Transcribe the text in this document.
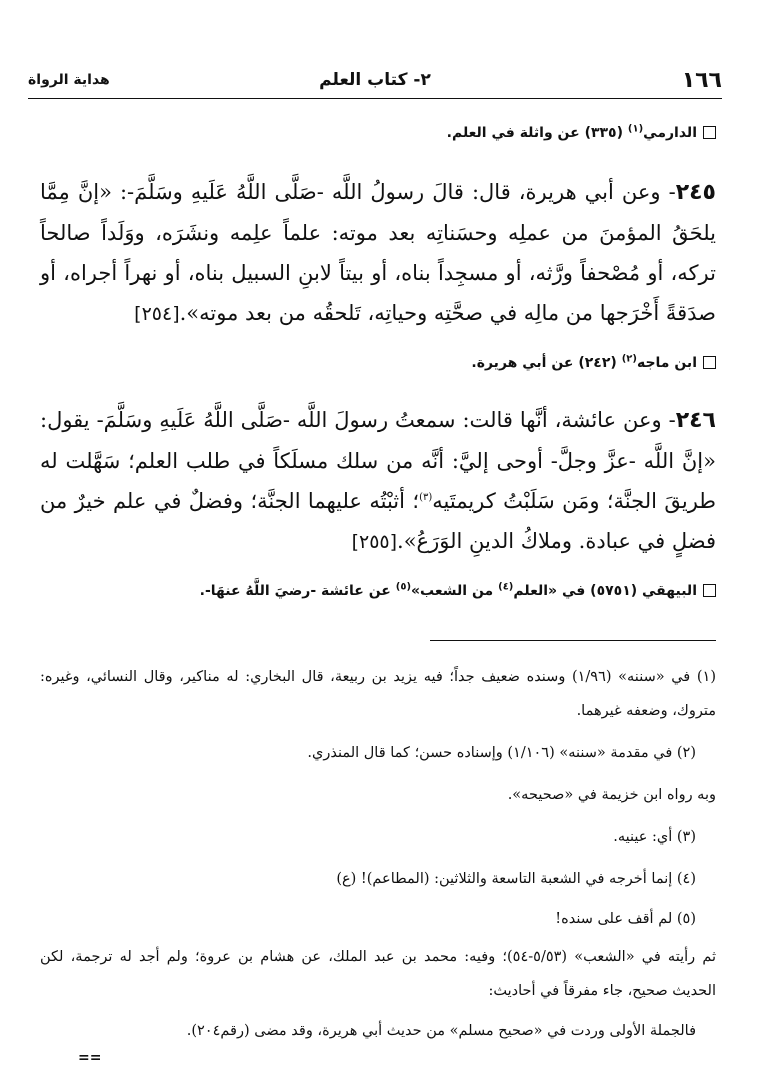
١٦٦
٢- كتاب العلم
هداية الرواة
الدارمي$^{(١)}$ (٣٣٥) عن واثلة في العلم.
٢٤٥- وعن أبي هريرة، قال: قالَ رسولُ اللَّه -صَلَّى اللَّهُ عَلَيهِ وسَلَّمَ-: «إنَّ مِمَّا يلحَقُ المؤمنَ من عملِه وحسَناتِه بعد موته: علماً علِمه ونشَرَه، ووَلَداً صالحاً تركه، أو مُصْحفاً ورَّثه، أو مسجِداً بناه، أو بيتاً لابنِ السبيل بناه، أو نهراً أجراه، أو صدَقةً أَخْرَجها من مالِه في صحَّتِه وحياتِه، تَلحقُه من بعد موته».[٢٥٤]
ابن ماجه$^{(٢)}$ (٢٤٢) عن أبي هريرة.
٢٤٦- وعن عائشة، أنَّها قالت: سمعتُ رسولَ اللَّه -صَلَّى اللَّهُ عَلَيهِ وسَلَّمَ- يقول: «إنَّ اللَّه -عزَّ وجلَّ- أوحى إليَّ: أنَّه من سلك مسلَكاً في طلب العلم؛ سَهَّلت له طريقَ الجنَّة؛ ومَن سَلَبْتُ كريمتَيه$^{(٣)}$؛ أثبْتُه عليهما الجنَّة؛ وفضلٌ في علم خيرٌ من فضلٍ في عبادة. وملاكُ الدينِ الوَرَعُ».[٢٥٥]
البيهقي (٥٧٥١) في «العلم$^{(٤)}$ من الشعب»$^{(٥)}$ عن عائشة -رضيَ اللَّهُ عنهَا-.
(١) في «سننه» (١/٩٦) وسنده ضعيف جداً؛ فيه يزيد بن ربيعة، قال البخاري: له مناكير، وقال النسائي، وغيره: متروك، وضعفه غيرهما.
(٢) في مقدمة «سننه» (١/١٠٦) وإسناده حسن؛ كما قال المنذري.
وبه رواه ابن خزيمة في «صحيحه».
(٣) أي: عينيه.
(٤) إنما أخرجه في الشعبة التاسعة والثلاثين: (المطاعم)! (ع)
(٥) لم أقف على سنده!
ثم رأيته في «الشعب» (٥/٥٣-٥٤)؛ وفيه: محمد بن عبد الملك، عن هشام بن عروة؛ ولم أجد له ترجمة، لكن الحديث صحيح، جاء مفرقاً في أحاديث:
فالجملة الأولى وردت في «صحيح مسلم» من حديث أبي هريرة، وقد مضى (رقم٢٠٤).
==
